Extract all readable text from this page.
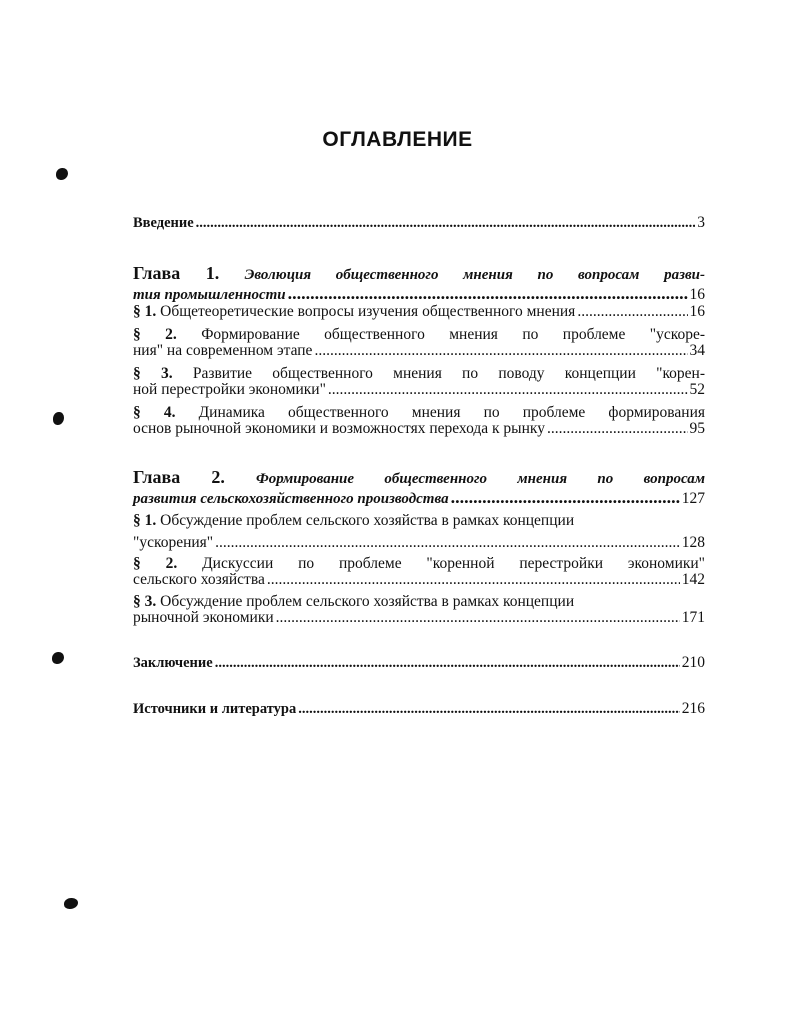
ОГЛАВЛЕНИЕ
Введение .....	3
Глава 1. Эволюция общественного мнения по вопросам разви-
тия промышленности .....	16
§ 1. Общетеоретические вопросы изучения общественного мнения .....	16
§ 2. Формирование общественного мнения по проблеме "ускоре-
ния" на современном этапе .....	34
§ 3. Развитие общественного мнения по поводу концепции "корен-
ной перестройки экономики" .....	52
§ 4. Динамика общественного мнения по проблеме формирования
основ рыночной экономики и возможностях перехода к рынку .....	95
Глава 2. Формирование общественного мнения по вопросам
развития сельскохозяйственного производства .....	127
§ 1. Обсуждение проблем сельского хозяйства в рамках концепции
"ускорения" .....	128
§ 2. Дискуссии по проблеме "коренной перестройки экономики"
сельского хозяйства .....	142
§ 3. Обсуждение проблем сельского хозяйства в рамках концепции
рыночной экономики .....	171
Заключение .....	210
Источники и литература .....	216
